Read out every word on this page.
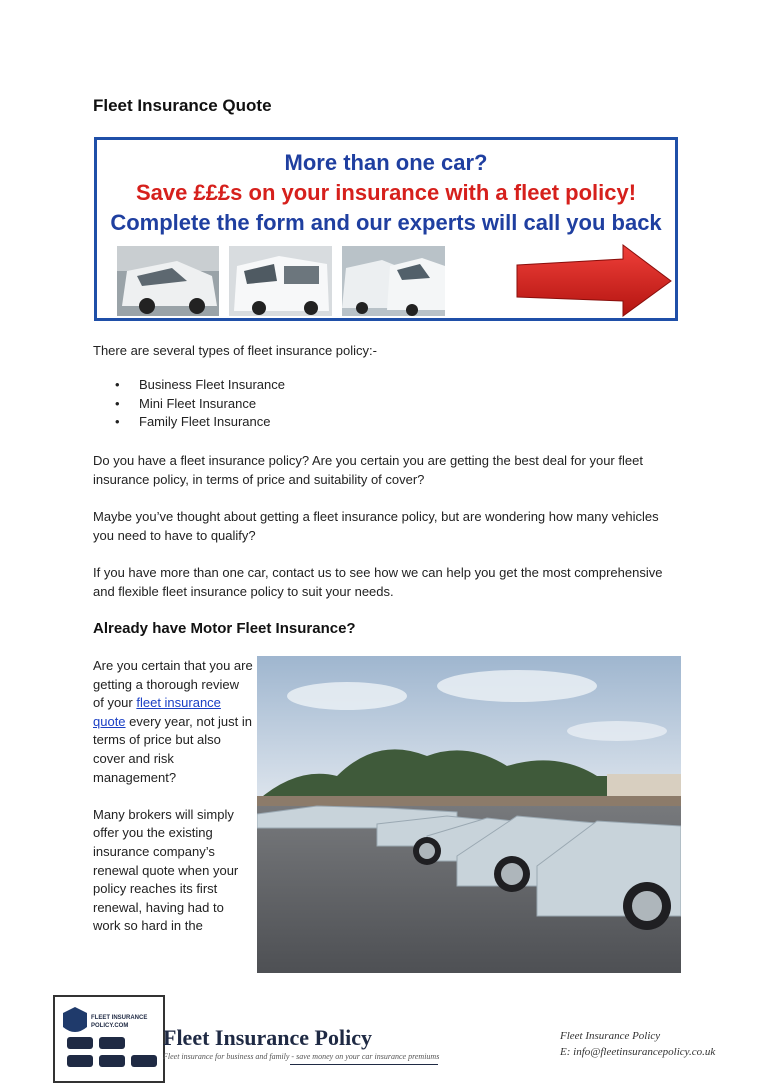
Fleet Insurance Quote
More than one car?
Save £££s on your insurance with a fleet policy!
Complete the form and our experts will call you back
There are several types of fleet insurance policy:-
• Business Fleet Insurance
• Mini Fleet Insurance
• Family Fleet Insurance
Do you have a fleet insurance policy? Are you certain you are getting the best deal for your fleet insurance policy, in terms of price and suitability of cover?
Maybe you’ve thought about getting a fleet insurance policy, but are wondering how many vehicles you need to have to qualify?
If you have more than one car, contact us to see how we can help you get the most comprehensive and flexible fleet insurance policy to suit your needs.
Already have Motor Fleet Insurance?

Are you certain that you are getting a thorough review of your fleet insurance quote every year, not just in terms of price but also cover and risk management?

Many brokers will simply offer you the existing insurance company’s renewal quote when your policy reaches its first renewal, having had to work so hard in the

FLEET INSURANCE
POLICY.COM Fleet Insurance Policy
Fleet insurance for business and family - save money on your car insurance premiums
Fleet Insurance Policy
E: info@fleetinsurancepolicy.co.uk
